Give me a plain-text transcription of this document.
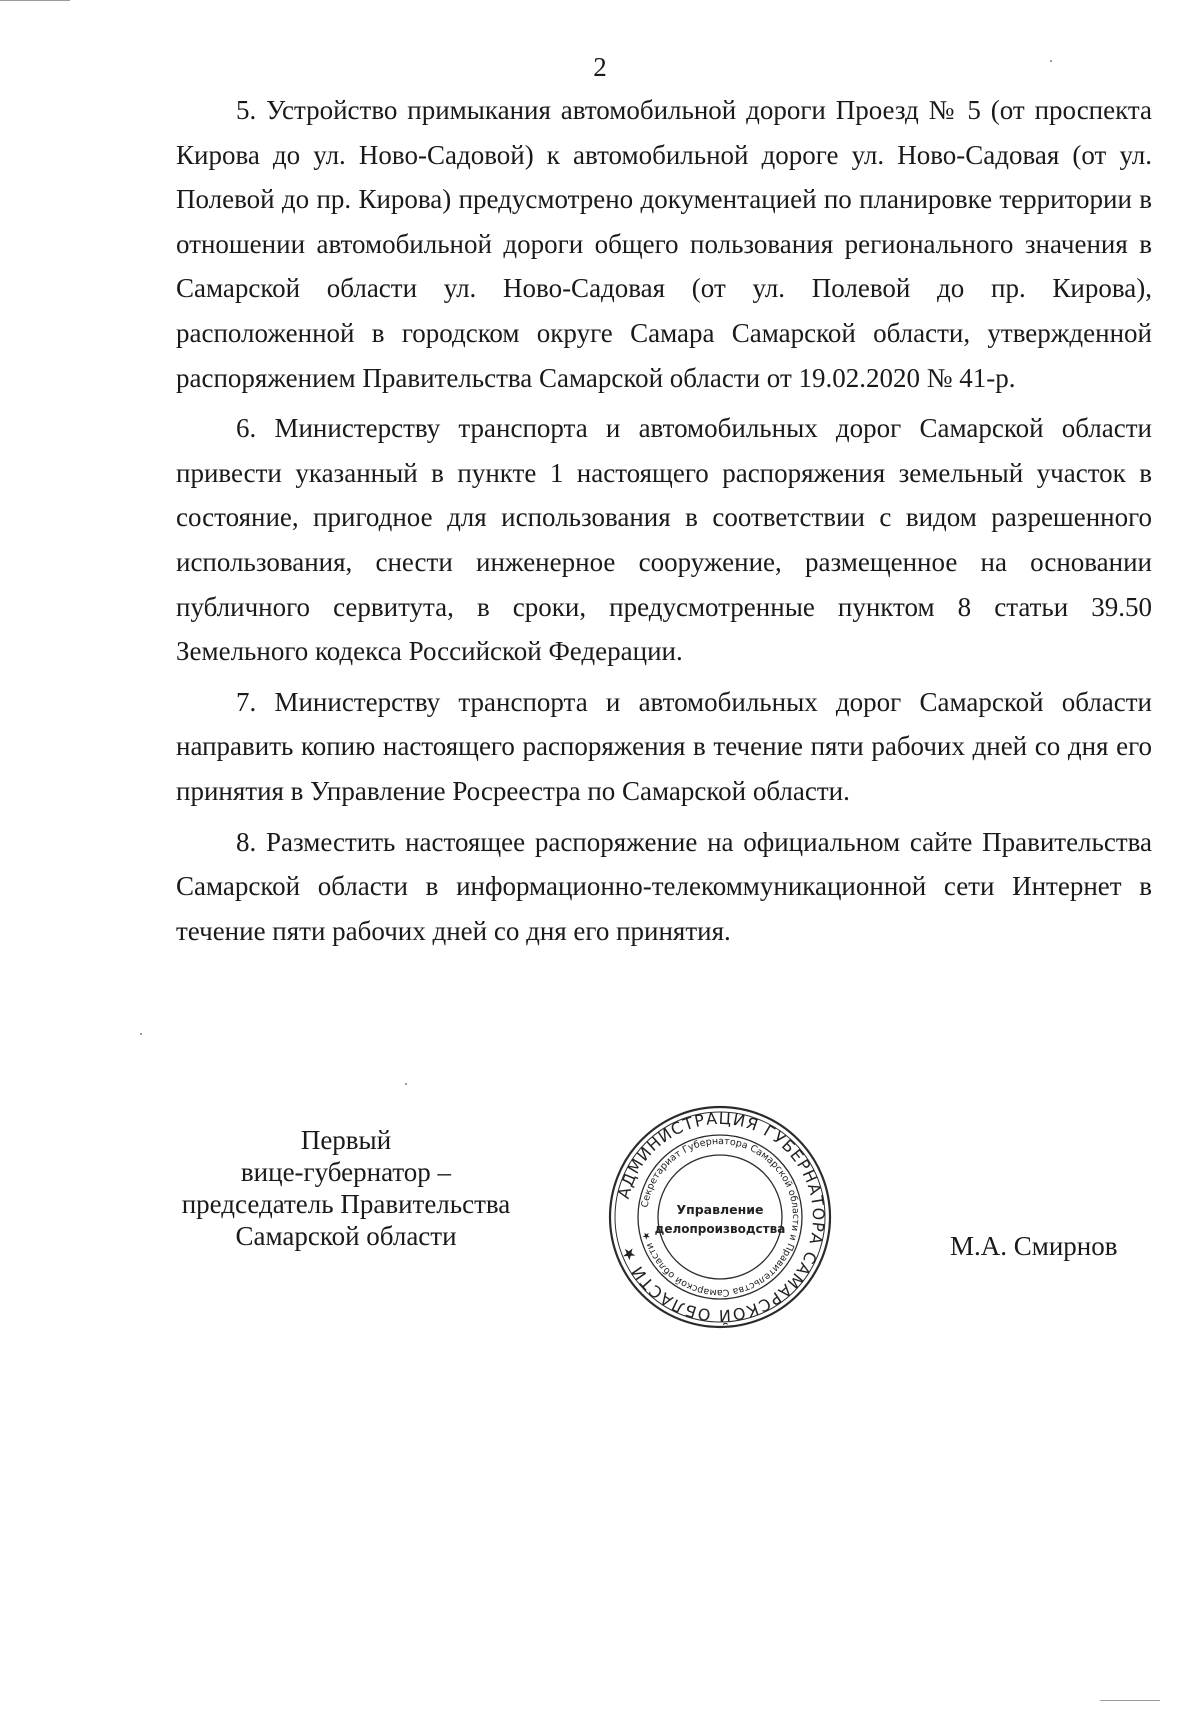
2

5. Устройство примыкания автомобильной дороги Проезд № 5 (от проспекта Кирова до ул. Ново-Садовой) к автомобильной дороге ул. Ново-Садовая (от ул. Полевой до пр. Кирова) предусмотрено документацией по планировке территории в отношении автомобильной дороги общего пользования регионального значения в Самарской области ул. Ново-Садовая (от ул. Полевой до пр. Кирова), расположенной в городском округе Самара Самарской области, утвержденной распоряжением Правительства Самарской области от 19.02.2020 № 41-р.

6. Министерству транспорта и автомобильных дорог Самарской области привести указанный в пункте 1 настоящего распоряжения земельный участок в состояние, пригодное для использования в соответствии с видом разрешенного использования, снести инженерное сооружение, размещенное на основании публичного сервитута, в сроки, предусмотренные пунктом 8 статьи 39.50 Земельного кодекса Российской Федерации.

7. Министерству транспорта и автомобильных дорог Самарской области направить копию настоящего распоряжения в течение пяти рабочих дней со дня его принятия в Управление Росреестра по Самарской области.

8. Разместить настоящее распоряжение на официальном сайте Правительства Самарской области в информационно-телекоммуникационной сети Интернет в течение пяти рабочих дней со дня его принятия.

Первый
вице-губернатор –
председатель Правительства
Самарской области	М.А. Смирнов
АДМИНИСТРАЦИЯ ГУБЕРНАТОРА САМАРСКОЙ ОБЛАСТИ ★
Секретариат Губернатора Самарской области и Правительства Самарской области ★
Управление
делопроизводства
